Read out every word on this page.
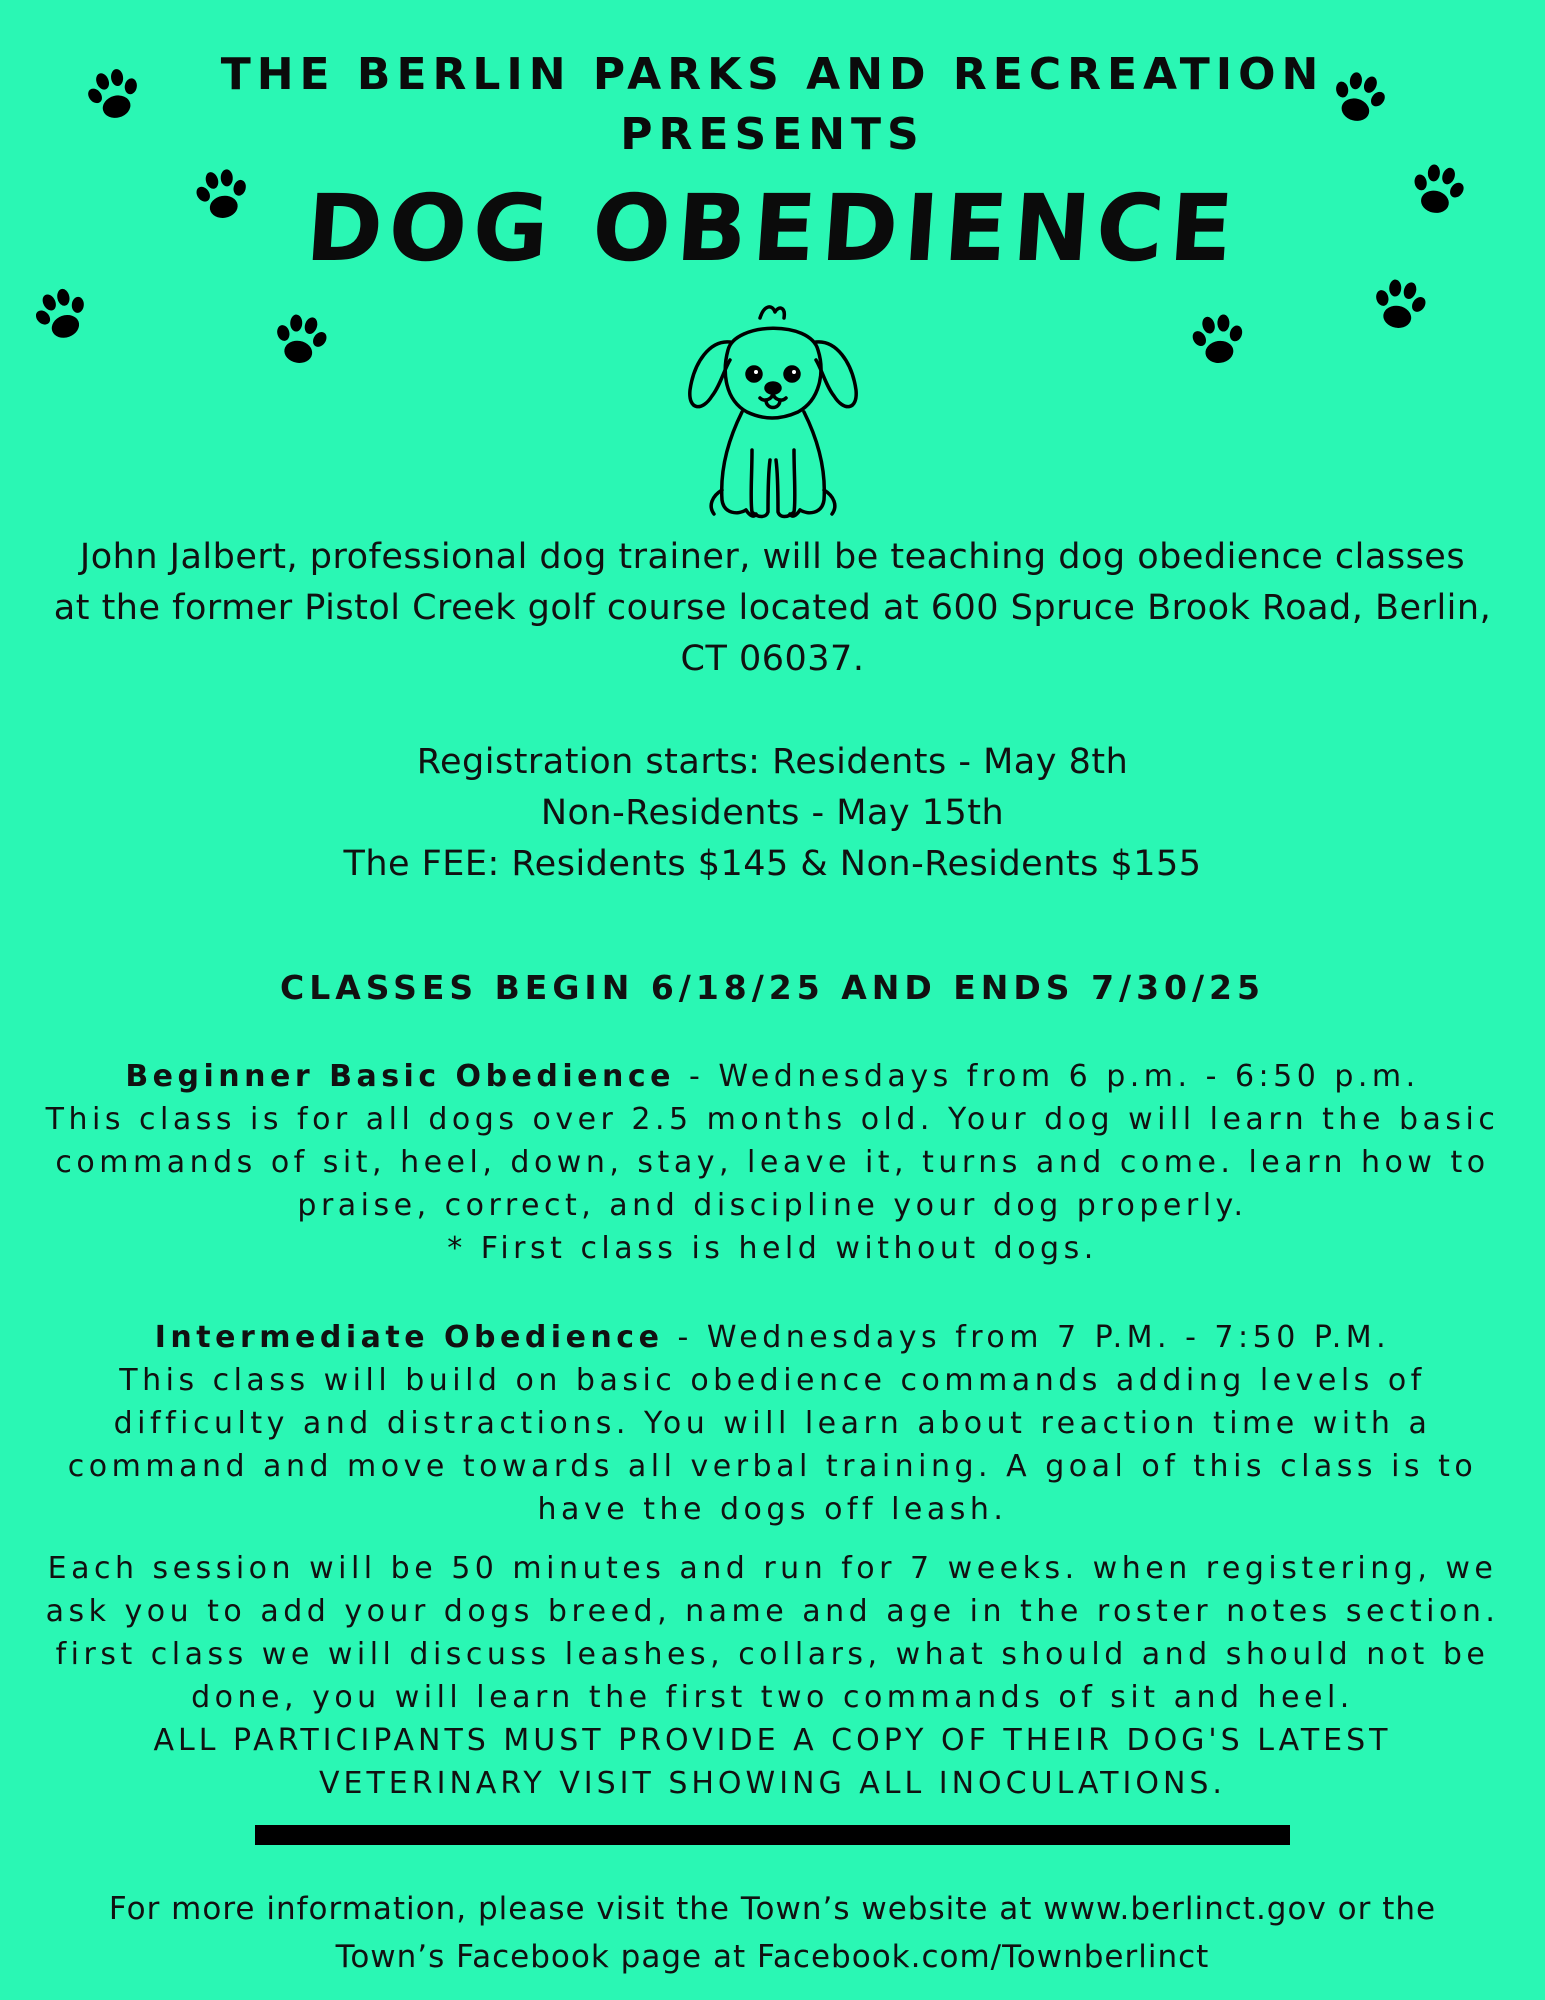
THE BERLIN PARKS AND RECREATION
PRESENTS
DOG OBEDIENCE
John Jalbert, professional dog trainer, will be teaching dog obedience classes
at the former Pistol Creek golf course located at 600 Spruce Brook Road, Berlin,
CT 06037.
Registration starts: Residents - May 8th
Non-Residents - May 15th
The FEE: Residents $145 & Non-Residents $155
CLASSES BEGIN 6/18/25 AND ENDS 7/30/25
Beginner Basic Obedience - Wednesdays from 6 p.m. - 6:50 p.m.
This class is for all dogs over 2.5 months old. Your dog will learn the basic
commands of sit, heel, down, stay, leave it, turns and come. learn how to
praise, correct, and discipline your dog properly.
* First class is held without dogs.
Intermediate Obedience - Wednesdays from 7 P.M. - 7:50 P.M.
This class will build on basic obedience commands adding levels of
difficulty and distractions. You will learn about reaction time with a
command and move towards all verbal training. A goal of this class is to
have the dogs off leash.
Each session will be 50 minutes and run for 7 weeks. when registering, we
ask you to add your dogs breed, name and age in the roster notes section.
first class we will discuss leashes, collars, what should and should not be
done, you will learn the first two commands of sit and heel.
ALL PARTICIPANTS MUST PROVIDE A COPY OF THEIR DOG'S LATEST
VETERINARY VISIT SHOWING ALL INOCULATIONS.
For more information, please visit the Town’s website at www.berlinct.gov or the
Town’s Facebook page at Facebook.com/Townberlinct
